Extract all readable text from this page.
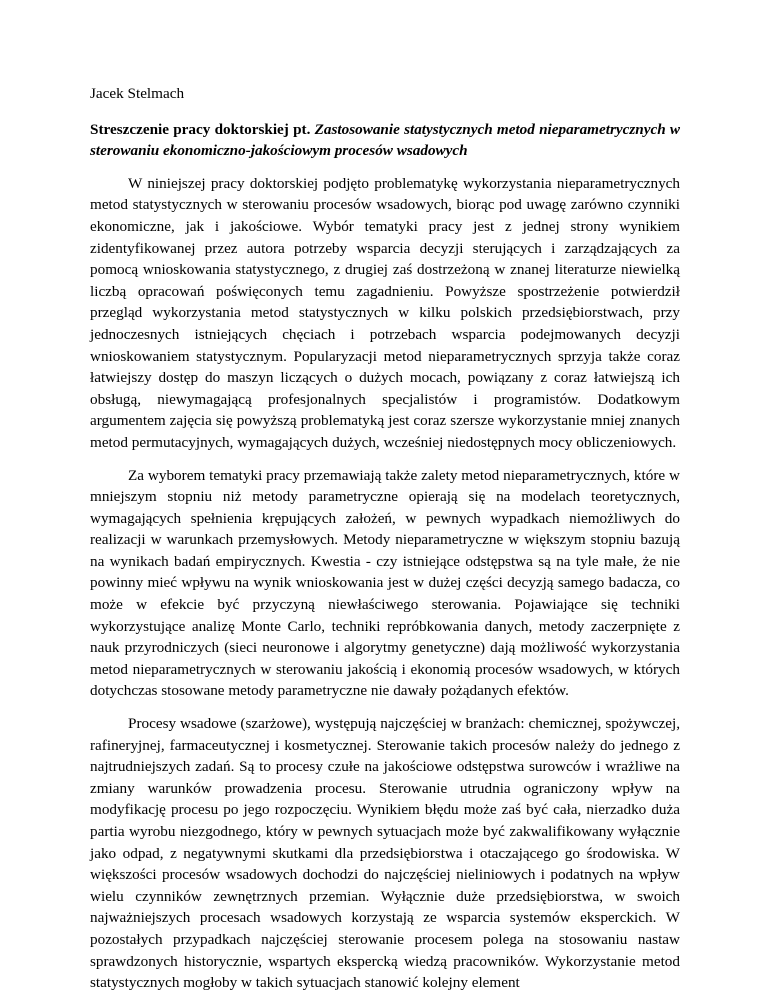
Jacek Stelmach
Streszczenie pracy doktorskiej pt. Zastosowanie statystycznych metod nieparametrycznych w sterowaniu ekonomiczno-jakościowym procesów wsadowych

W niniejszej pracy doktorskiej podjęto problematykę wykorzystania nieparametrycznych metod statystycznych w sterowaniu procesów wsadowych, biorąc pod uwagę zarówno czynniki ekonomiczne, jak i jakościowe. Wybór tematyki pracy jest z jednej strony wynikiem zidentyfikowanej przez autora potrzeby wsparcia decyzji sterujących i zarządzających za pomocą wnioskowania statystycznego, z drugiej zaś dostrzeżoną w znanej literaturze niewielką liczbą opracowań poświęconych temu zagadnieniu. Powyższe spostrzeżenie potwierdził przegląd wykorzystania metod statystycznych w kilku polskich przedsiębiorstwach, przy jednoczesnych istniejących chęciach i potrzebach wsparcia podejmowanych decyzji wnioskowaniem statystycznym. Popularyzacji metod nieparametrycznych sprzyja także coraz łatwiejszy dostęp do maszyn liczących o dużych mocach, powiązany z coraz łatwiejszą ich obsługą, niewymagającą profesjonalnych specjalistów i programistów. Dodatkowym argumentem zajęcia się powyższą problematyką jest coraz szersze wykorzystanie mniej znanych metod permutacyjnych, wymagających dużych, wcześniej niedostępnych mocy obliczeniowych.

Za wyborem tematyki pracy przemawiają także zalety metod nieparametrycznych, które w mniejszym stopniu niż metody parametryczne opierają się na modelach teoretycznych, wymagających spełnienia krępujących założeń, w pewnych wypadkach niemożliwych do realizacji w warunkach przemysłowych. Metody nieparametryczne w większym stopniu bazują na wynikach badań empirycznych. Kwestia - czy istniejące odstępstwa są na tyle małe, że nie powinny mieć wpływu na wynik wnioskowania jest w dużej części decyzją samego badacza, co może w efekcie być przyczyną niewłaściwego sterowania. Pojawiające się techniki wykorzystujące analizę Monte Carlo, techniki repróbkowania danych, metody zaczerpnięte z nauk przyrodniczych (sieci neuronowe i algorytmy genetyczne) dają możliwość wykorzystania metod nieparametrycznych w sterowaniu jakością i ekonomią procesów wsadowych, w których dotychczas stosowane metody parametryczne nie dawały pożądanych efektów.

Procesy wsadowe (szarżowe), występują najczęściej w branżach: chemicznej, spożywczej, rafineryjnej, farmaceutycznej i kosmetycznej. Sterowanie takich procesów należy do jednego z najtrudniejszych zadań. Są to procesy czułe na jakościowe odstępstwa surowców i wrażliwe na zmiany warunków prowadzenia procesu. Sterowanie utrudnia ograniczony wpływ na modyfikację procesu po jego rozpoczęciu. Wynikiem błędu może zaś być cała, nierzadko duża partia wyrobu niezgodnego, który w pewnych sytuacjach może być zakwalifikowany wyłącznie jako odpad, z negatywnymi skutkami dla przedsiębiorstwa i otaczającego go środowiska. W większości procesów wsadowych dochodzi do najczęściej nieliniowych i podatnych na wpływ wielu czynników zewnętrznych przemian. Wyłącznie duże przedsiębiorstwa, w swoich najważniejszych procesach wsadowych korzystają ze wsparcia systemów eksperckich. W pozostałych przypadkach najczęściej sterowanie procesem polega na stosowaniu nastaw sprawdzonych historycznie, wspartych ekspercką wiedzą pracowników. Wykorzystanie metod statystycznych mogłoby w takich sytuacjach stanowić kolejny element
